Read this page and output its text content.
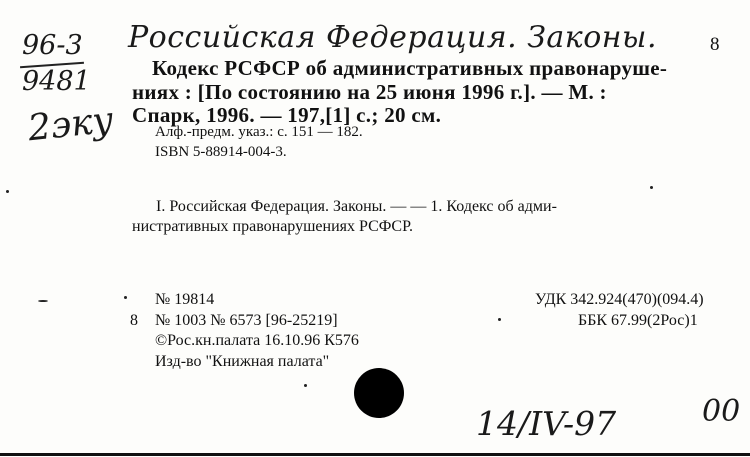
96-3
9481
2эку
Российская Федерация. Законы.	8
Кодекс РСФСР об административных правонаруше-
ниях : [По состоянию на 25 июня 1996 г.]. — М. :
Спарк, 1996. — 197,[1] с.; 20 см.
Алф.-предм. указ.: с. 151 — 182.
ISBN 5-88914-004-3.
I. Российская Федерация. Законы. — — 1. Кодекс об адми-
нистративных правонарушениях РСФСР.
№ 19814
8 № 1003 № 6573 [96-25219]
©Рос.кн.палата 16.10.96 К576
Изд-во "Книжная палата"
УДК 342.924(470)(094.4)
ББК 67.99(2Рос)1
14/IV-97	00
